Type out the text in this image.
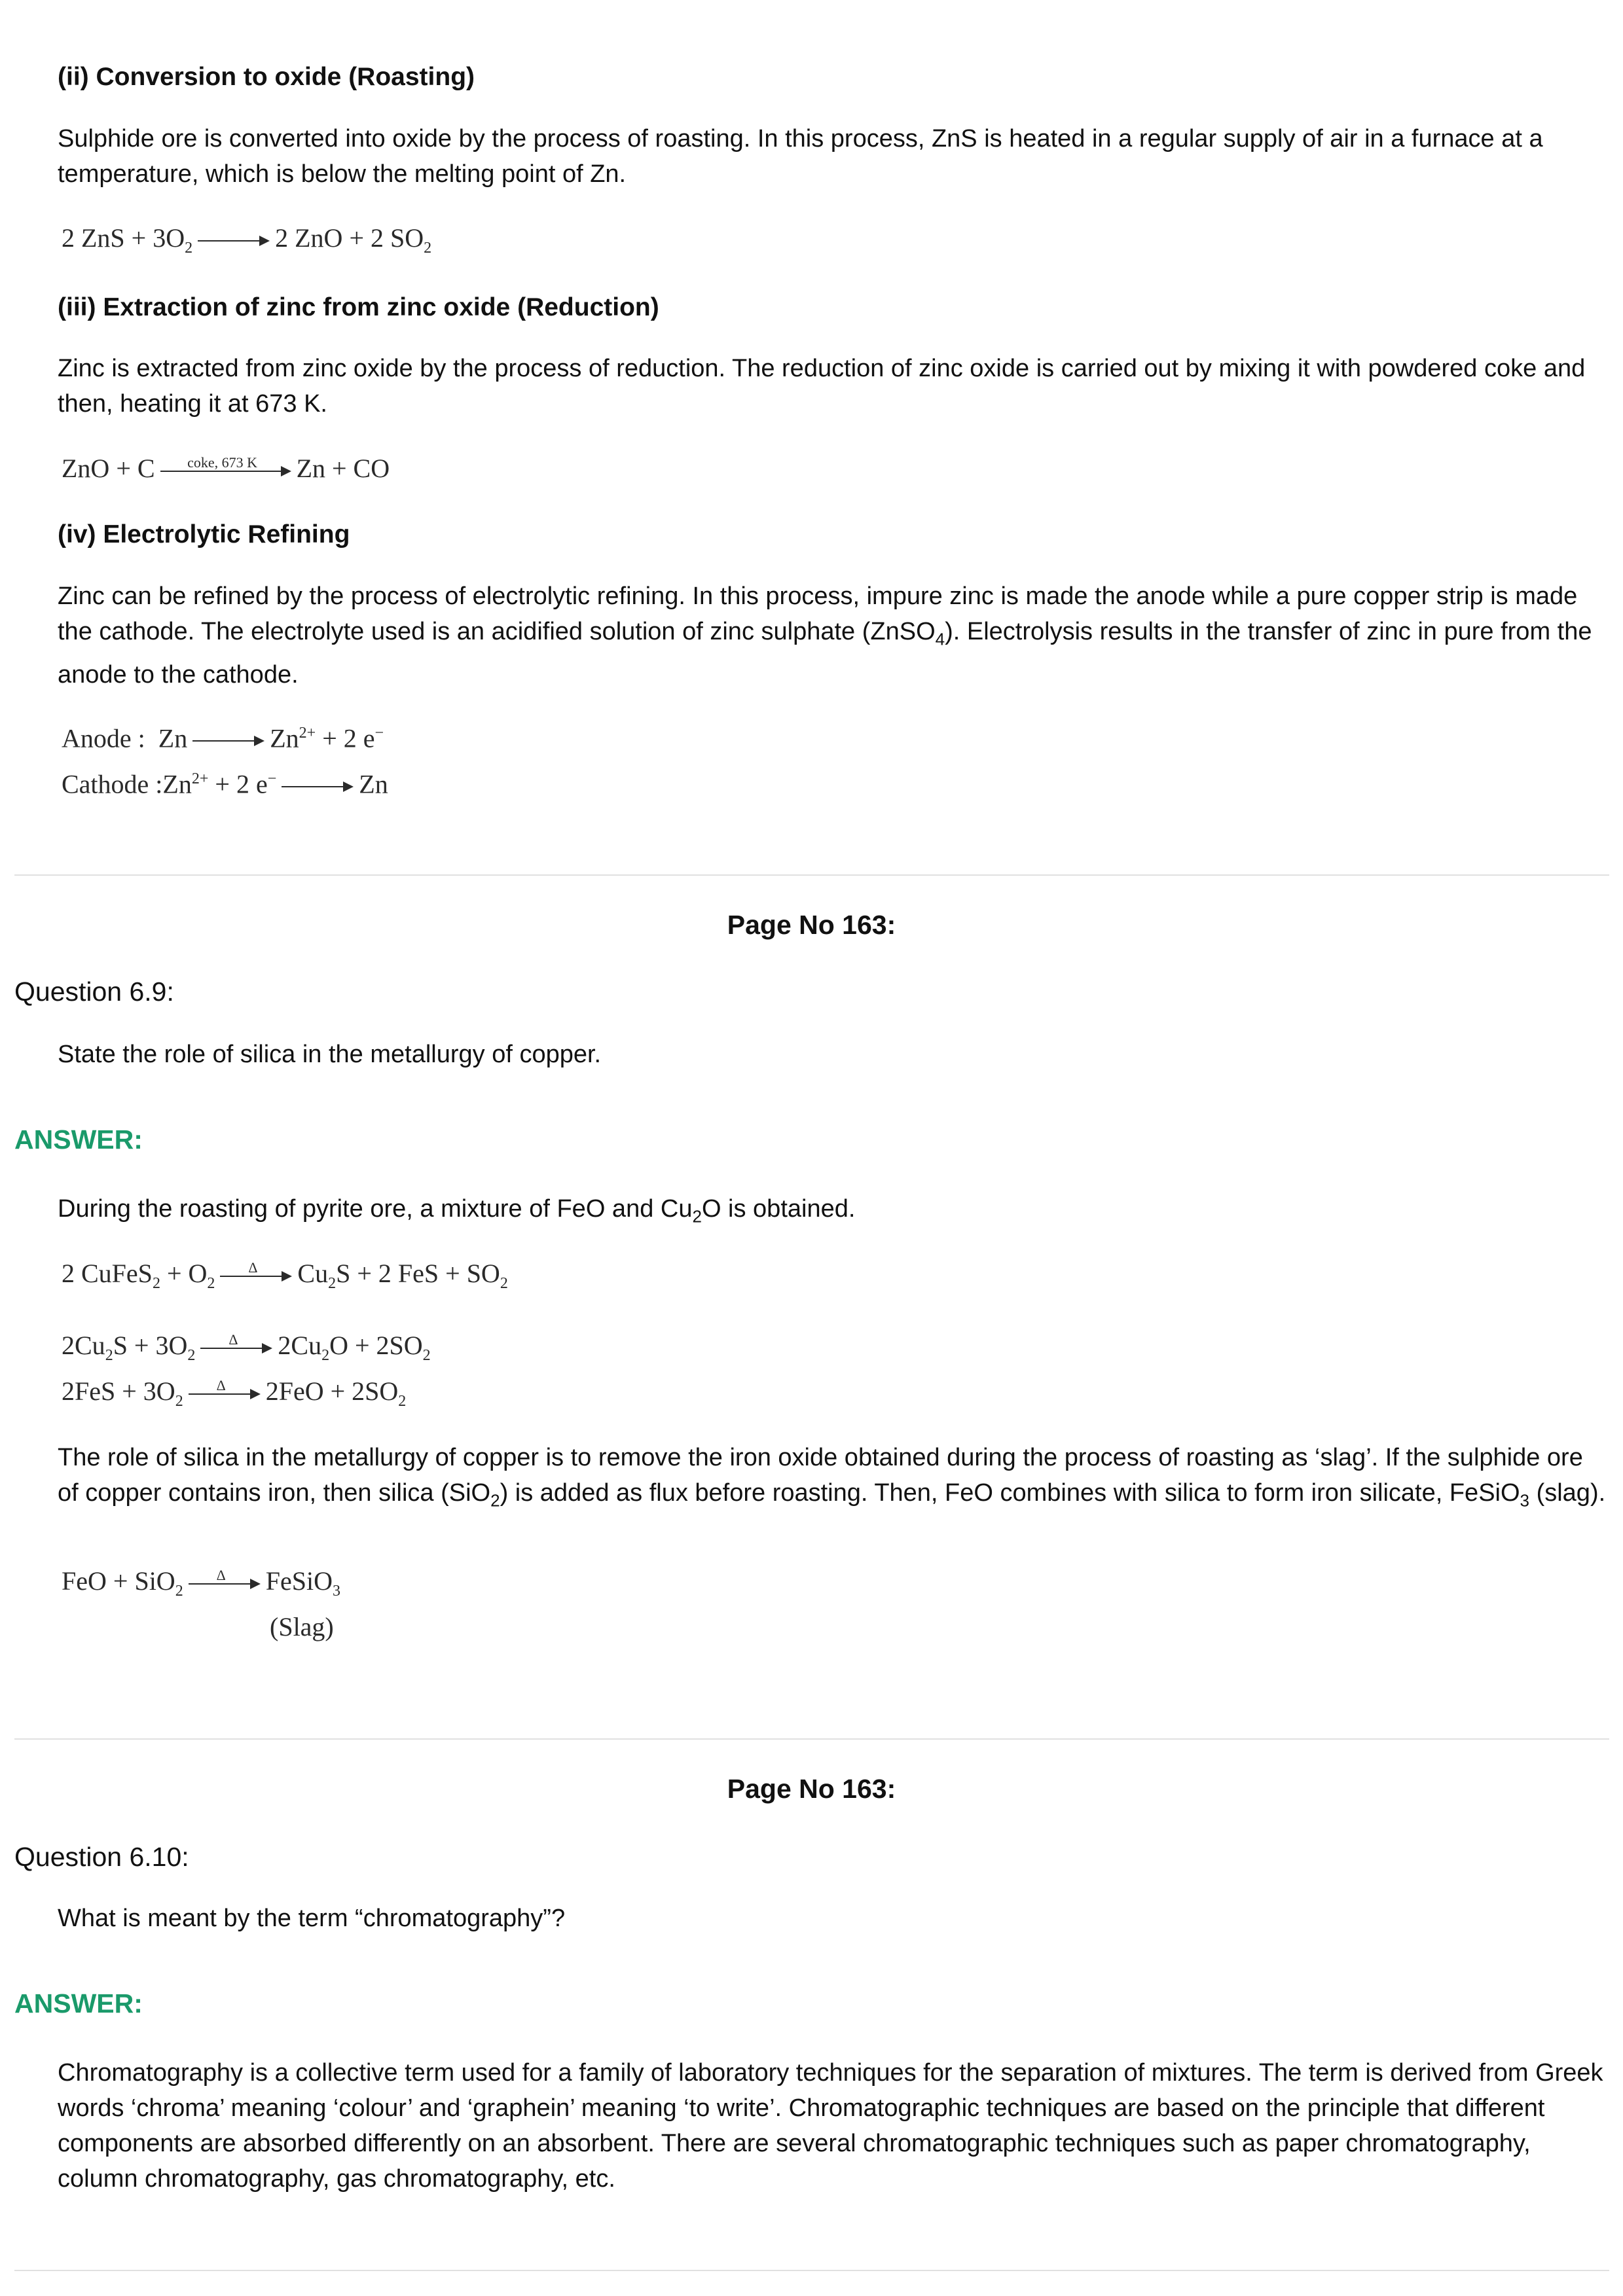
(ii) Conversion to oxide (Roasting)
Sulphide ore is converted into oxide by the process of roasting. In this process, ZnS is heated in a regular supply of air in a furnace at a temperature, which is below the melting point of Zn.
2 ZnS + $3O_2$	2 ZnO + 2 $SO_2$
(iii) Extraction of zinc from zinc oxide (Reduction)
Zinc is extracted from zinc oxide by the process of reduction. The reduction of zinc oxide is carried out by mixing it with powdered coke and then, heating it at 673 K.
ZnO + C	coke, 673 K	Zn + CO
(iv) Electrolytic Refining
Zinc can be refined by the process of electrolytic refining. In this process, impure zinc is made the anode while a pure copper strip is made the cathode. The electrolyte used is an acidified solution of zinc sulphate (ZnSO$_4$). Electrolysis results in the transfer of zinc in pure from the anode to the cathode.
Anode :  Zn	$Zn^{2+} + 2$ e−
Cathode $:Zn^{2+} + 2$ e−	Zn
Page No 163:
Question 6.9:
State the role of silica in the metallurgy of copper.
ANSWER:
During the roasting of pyrite ore, a mixture of FeO and $Cu_2O$ is obtained.
2 CuFeS$_2$ + $O_2$
Δ	$Cu_2S + 2$ FeS + $SO_2$
$2Cu_2S + 3O_2$
Δ	$2Cu_2O + 2SO_2$
$2FeS + 3O_2$
Δ	$2FeO + 2SO_2$
The role of silica in the metallurgy of copper is to remove the iron oxide obtained during the process of roasting as ‘slag’. If the sulphide ore of copper contains iron, then silica (SiO$_2$) is added as flux before roasting. Then, FeO combines with silica to form iron silicate, FeSiO$_3$ (slag).
FeO + SiO$_2$
Δ	FeSiO$_3$
(Slag)
Page No 163:
Question 6.10:
What is meant by the term “chromatography”?
ANSWER:
Chromatography is a collective term used for a family of laboratory techniques for the separation of mixtures. The term is derived from Greek words ‘chroma’ meaning ‘colour’ and ‘graphein’ meaning ‘to write’. Chromatographic techniques are based on the principle that different components are absorbed differently on an absorbent. There are several chromatographic techniques such as paper chromatography, column chromatography, gas chromatography, etc.
